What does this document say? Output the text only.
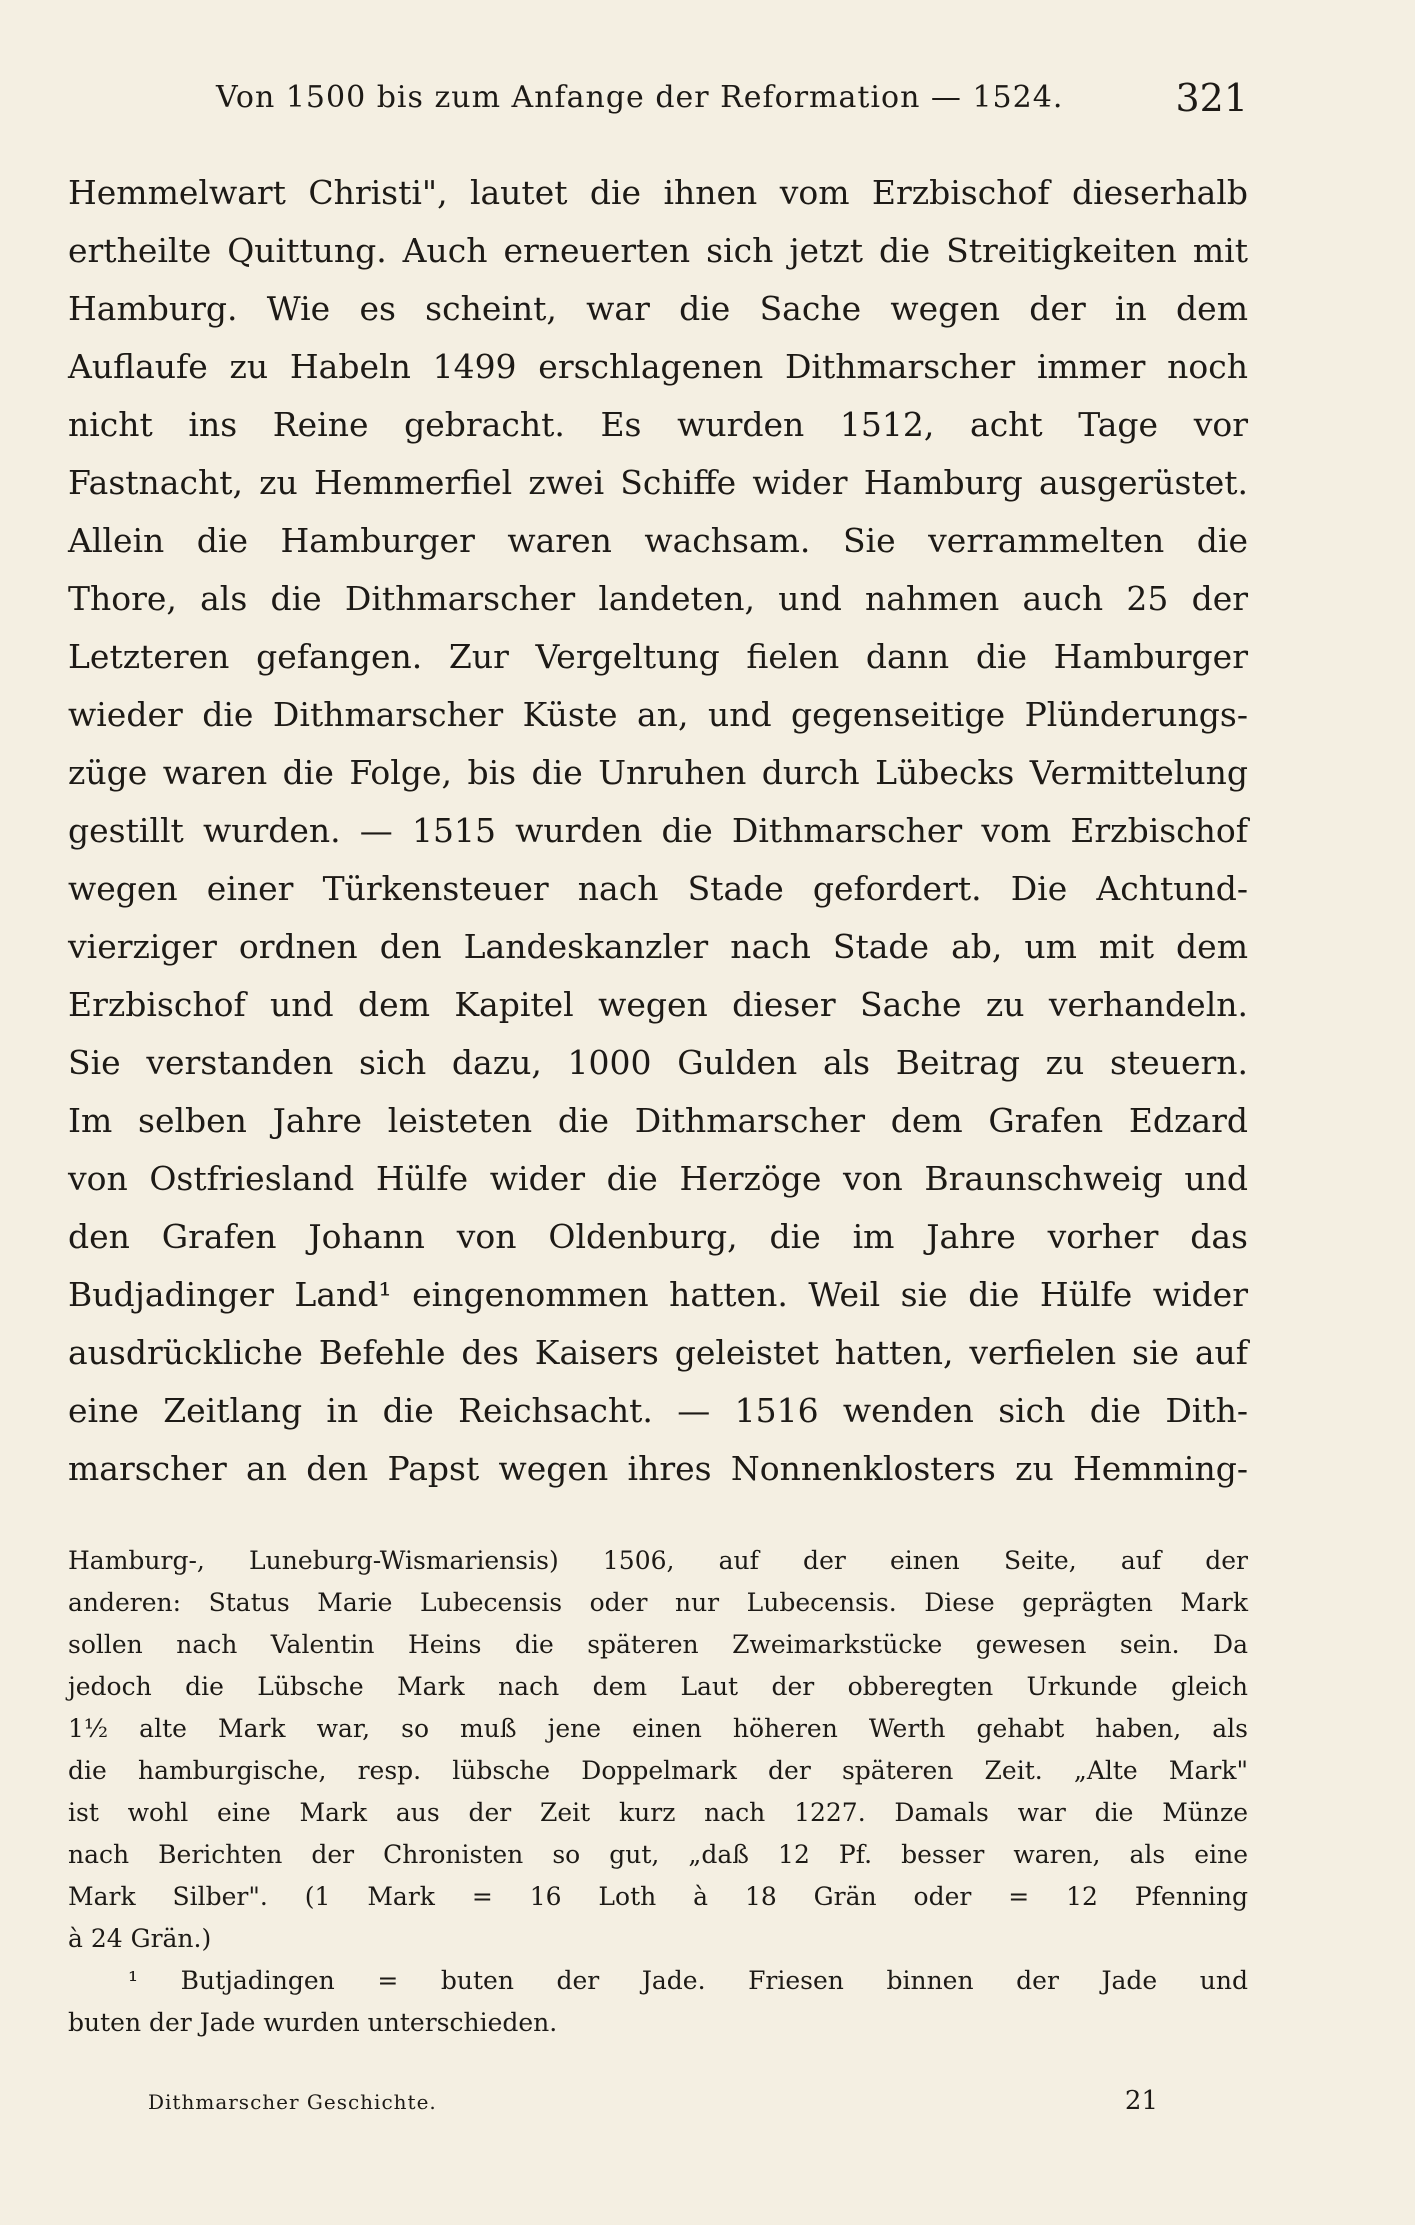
Von 1500 bis zum Anfange der Reformation — 1524.	321
Hemmelwart Christi", lautet die ihnen vom Erzbischof dieserhalb
ertheilte Quittung. Auch erneuerten sich jetzt die Streitigkeiten mit
Hamburg. Wie es scheint, war die Sache wegen der in dem
Auflaufe zu Habeln 1499 erschlagenen Dithmarscher immer noch
nicht ins Reine gebracht. Es wurden 1512, acht Tage vor
Fastnacht, zu Hemmerfiel zwei Schiffe wider Hamburg ausgerüstet.
Allein die Hamburger waren wachsam. Sie verrammelten die
Thore, als die Dithmarscher landeten, und nahmen auch 25 der
Letzteren gefangen. Zur Vergeltung fielen dann die Hamburger
wieder die Dithmarscher Küste an, und gegenseitige Plünderungs-
züge waren die Folge, bis die Unruhen durch Lübecks Vermittelung
gestillt wurden. — 1515 wurden die Dithmarscher vom Erzbischof
wegen einer Türkensteuer nach Stade gefordert. Die Achtund-
vierziger ordnen den Landeskanzler nach Stade ab, um mit dem
Erzbischof und dem Kapitel wegen dieser Sache zu verhandeln.
Sie verstanden sich dazu, 1000 Gulden als Beitrag zu steuern.
Im selben Jahre leisteten die Dithmarscher dem Grafen Edzard
von Ostfriesland Hülfe wider die Herzöge von Braunschweig und
den Grafen Johann von Oldenburg, die im Jahre vorher das
Budjadinger Land¹ eingenommen hatten. Weil sie die Hülfe wider
ausdrückliche Befehle des Kaisers geleistet hatten, verfielen sie auf
eine Zeitlang in die Reichsacht. — 1516 wenden sich die Dith-
marscher an den Papst wegen ihres Nonnenklosters zu Hemming-
Hamburg-, Luneburg-Wismariensis) 1506, auf der einen Seite, auf der
anderen: Status Marie Lubecensis oder nur Lubecensis. Diese geprägten Mark
sollen nach Valentin Heins die späteren Zweimarkstücke gewesen sein. Da
jedoch die Lübsche Mark nach dem Laut der obberegten Urkunde gleich
1½ alte Mark war, so muß jene einen höheren Werth gehabt haben, als
die hamburgische, resp. lübsche Doppelmark der späteren Zeit. „Alte Mark"
ist wohl eine Mark aus der Zeit kurz nach 1227. Damals war die Münze
nach Berichten der Chronisten so gut, „daß 12 Pf. besser waren, als eine
Mark Silber". (1 Mark = 16 Loth à 18 Grän oder = 12 Pfenning
à 24 Grän.)
¹ Butjadingen = buten der Jade. Friesen binnen der Jade und
buten der Jade wurden unterschieden.
Dithmarscher Geschichte.	21
